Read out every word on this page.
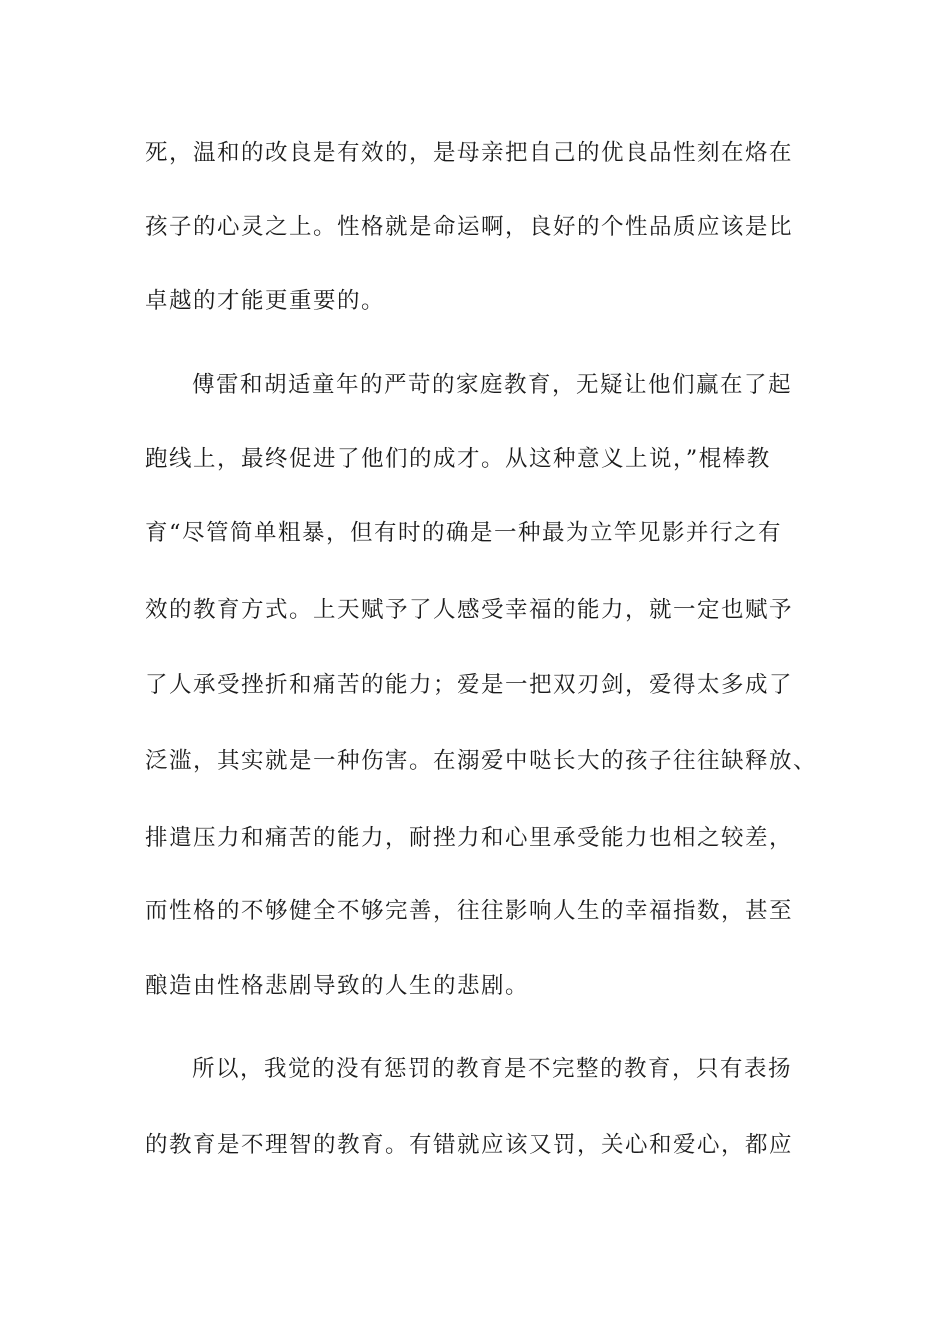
死，温和的改良是有效的，是母亲把自己的优良品性刻在烙在
孩子的心灵之上。性格就是命运啊，良好的个性品质应该是比
卓越的才能更重要的。
傅雷和胡适童年的严苛的家庭教育，无疑让他们赢在了起
跑线上，最终促进了他们的成才。从这种意义上说，”棍棒教
育“尽管简单粗暴，但有时的确是一种最为立竿见影并行之有
效的教育方式。上天赋予了人感受幸福的能力，就一定也赋予
了人承受挫折和痛苦的能力；爱是一把双刃剑，爱得太多成了
泛滥，其实就是一种伤害。在溺爱中哒长大的孩子往往缺释放、
排遣压力和痛苦的能力，耐挫力和心里承受能力也相之较差，
而性格的不够健全不够完善，往往影响人生的幸福指数，甚至
酿造由性格悲剧导致的人生的悲剧。
所以，我觉的没有惩罚的教育是不完整的教育，只有表扬
的教育是不理智的教育。有错就应该又罚，关心和爱心，都应
